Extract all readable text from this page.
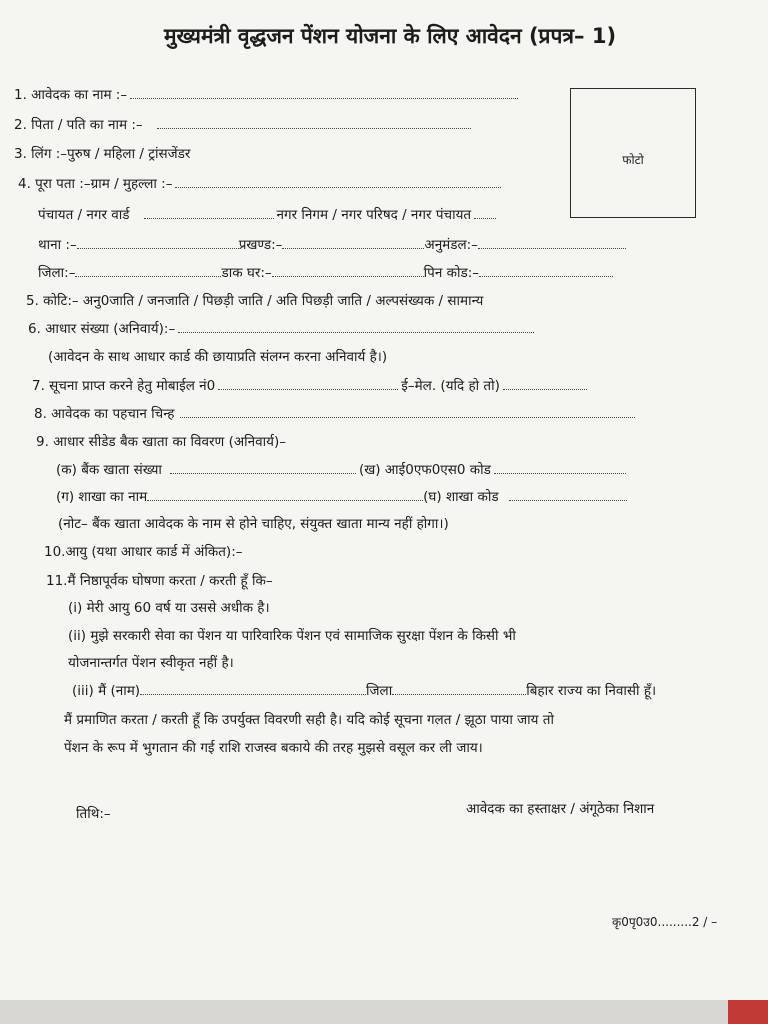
मुख्यमंत्री वृद्धजन पेंशन योजना के लिए आवेदन (प्रपत्र– 1)
फोटो
1. आवेदक का नाम :–
2. पिता / पति का नाम :–
3. लिंग :–पुरुष / महिला / ट्रांसजेंडर
4. पूरा पता :–ग्राम / मुहल्ला :–
पंचायत / नगर वार्ड	नगर निगम / नगर परिषद / नगर पंचायत
थाना :–	प्रखण्ड:–	अनुमंडल:–
जिला:–	डाक घर:–	पिन कोड:–
5. कोटि:– अनु0जाति / जनजाति / पिछड़ी जाति / अति पिछड़ी जाति / अल्पसंख्यक / सामान्य
6. आधार संख्या (अनिवार्य):–
(आवेदन के साथ आधार कार्ड की छायाप्रति संलग्न करना अनिवार्य है।)
7. सूचना प्राप्त करने हेतु मोबाईल नं0	ई–मेल. (यदि हो तो)
8. आवेदक का पहचान चिन्ह
9. आधार सीडेड बैक खाता का विवरण (अनिवार्य)–
(क) बैंक खाता संख्या	(ख) आई0एफ0एस0 कोड
(ग) शाखा का नाम	(घ) शाखा कोड
(नोट– बैंक खाता आवेदक के नाम से होने चाहिए, संयुक्त खाता मान्य नहीं होगा।)
10.आयु (यथा आधार कार्ड में अंकित):–
11.मैं निष्ठापूर्वक घोषणा करता / करती हूँ कि–
(i) मेरी आयु 60 वर्ष या उससे अधीक है।
(ii) मुझे सरकारी सेवा का पेंशन या पारिवारिक पेंशन एवं सामाजिक सुरक्षा पेंशन के किसी भी
योजनान्तर्गत पेंशन स्वीकृत नहीं है।
(iii) मैं (नाम)	जिला	बिहार राज्य का निवासी हूँ।
मैं प्रमाणित करता / करती हूँ कि उपर्युक्त विवरणी सही है। यदि कोई सूचना गलत / झूठा पाया जाय तो
पेंशन के रूप में भुगतान की गई राशि राजस्व बकाये की तरह मुझसे वसूल कर ली जाय।
तिथि:–	आवेदक का हस्ताक्षर / अंगूठेका निशान
कृ0पृ0उ0.........2 / –
